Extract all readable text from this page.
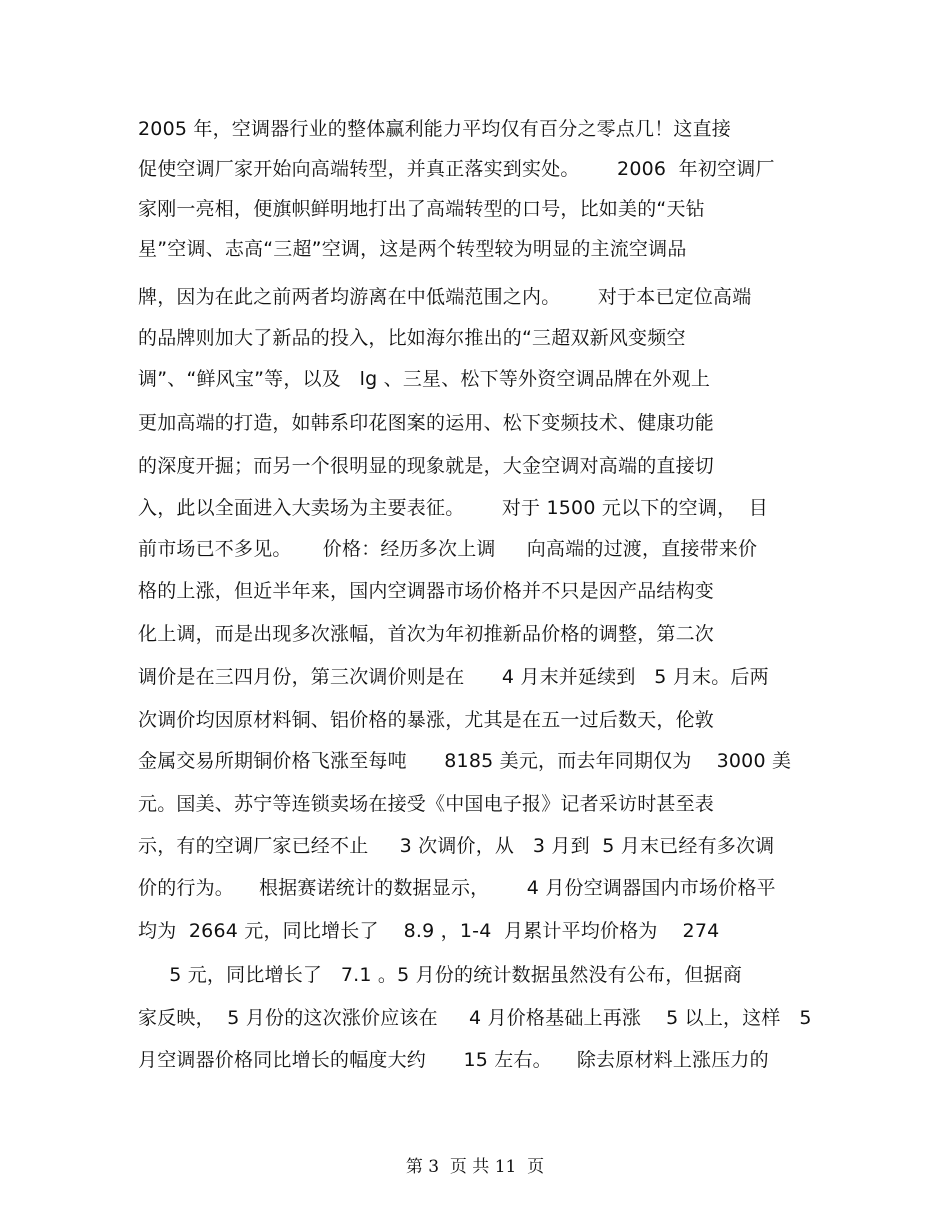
2005 年，空调器行业的整体赢利能力平均仅有百分之零点几！这直接
促使空调厂家开始向高端转型，并真正落实到实处。      2006  年初空调厂
家刚一亮相，便旗帜鲜明地打出了高端转型的口号，比如美的“天钻
星”空调、志高“三超”空调，这是两个转型较为明显的主流空调品
牌，因为在此之前两者均游离在中低端范围之内。      对于本已定位高端
的品牌则加大了新品的投入，比如海尔推出的“三超双新风变频空
调”、“鲜风宝”等，以及   lg 、三星、松下等外资空调品牌在外观上
更加高端的打造，如韩系印花图案的运用、松下变频技术、健康功能
的深度开掘；而另一个很明显的现象就是，大金空调对高端的直接切
入，此以全面进入大卖场为主要表征。      对于 1500 元以下的空调，  目
前市场已不多见。     价格：经历多次上调     向高端的过渡，直接带来价
格的上涨，但近半年来，国内空调器市场价格并不只是因产品结构变
化上调，而是出现多次涨幅，首次为年初推新品价格的调整，第二次
调价是在三四月份，第三次调价则是在      4 月末并延续到   5 月末。后两
次调价均因原材料铜、铝价格的暴涨，尤其是在五一过后数天，伦敦
金属交易所期铜价格飞涨至每吨      8185 美元，而去年同期仅为    3000 美
元。国美、苏宁等连锁卖场在接受《中国电子报》记者采访时甚至表
示，有的空调厂家已经不止     3 次调价，从   3 月到  5 月末已经有多次调
价的行为。    根据赛诺统计的数据显示，      4 月份空调器国内市场价格平
均为  2664 元，同比增长了    8.9 ，1-4  月累计平均价格为    274
5 元，同比增长了   7.1 。5 月份的统计数据虽然没有公布，但据商
家反映，  5 月份的这次涨价应该在     4 月价格基础上再涨    5 以上，这样   5
月空调器价格同比增长的幅度大约      15 左右。    除去原材料上涨压力的
第 3  页 共 11  页
